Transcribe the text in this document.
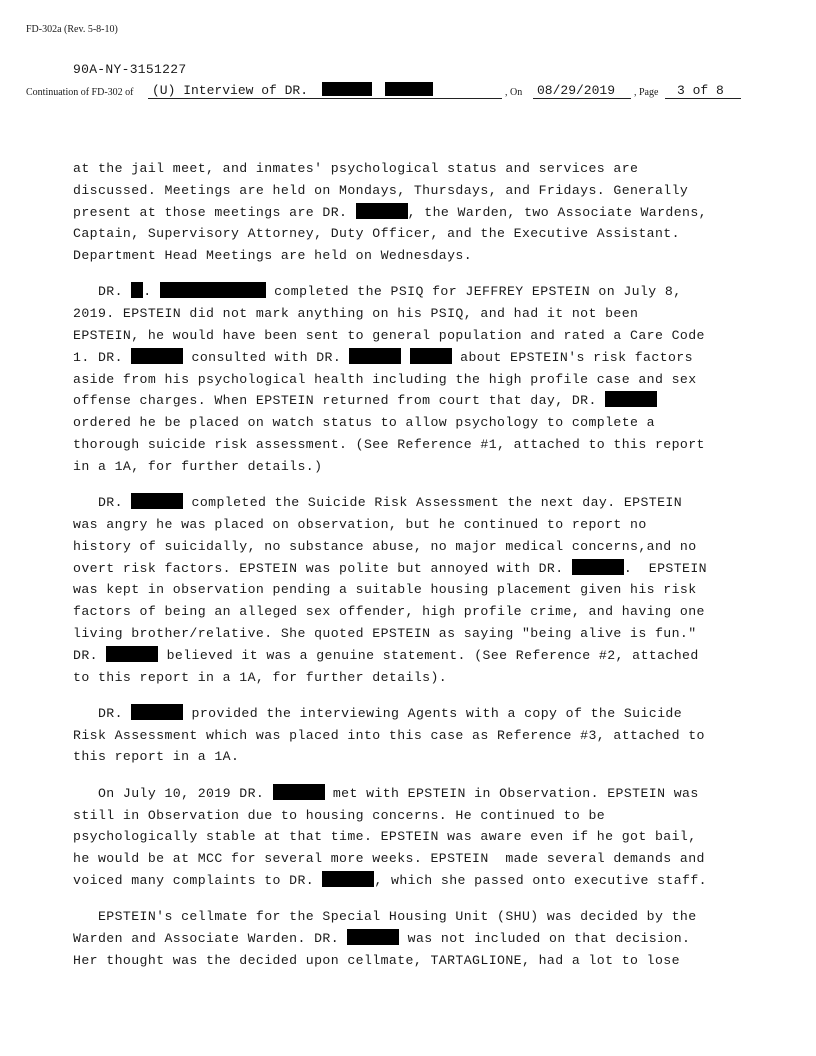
FD-302a (Rev. 5-8-10)
90A-NY-3151227
Continuation of FD-302 of	(U) Interview of DR.	, On	08/29/2019	, Page	3 of 8
at the jail meet, and inmates' psychological status and services are
discussed. Meetings are held on Mondays, Thursdays, and Fridays. Generally
present at those meetings are DR.	, the Warden, two Associate Wardens,
Captain, Supervisory Attorney, Duty Officer, and the Executive Assistant.
Department Head Meetings are held on Wednesdays.
DR. .	completed the PSIQ for JEFFREY EPSTEIN on July 8,
2019. EPSTEIN did not mark anything on his PSIQ, and had it not been
EPSTEIN, he would have been sent to general population and rated a Care Code
1. DR.	consulted with DR.	about EPSTEIN's risk factors
aside from his psychological health including the high profile case and sex
offense charges. When EPSTEIN returned from court that day, DR.
ordered he be placed on watch status to allow psychology to complete a
thorough suicide risk assessment. (See Reference #1, attached to this report
in a 1A, for further details.)
DR.	completed the Suicide Risk Assessment the next day. EPSTEIN
was angry he was placed on observation, but he continued to report no
history of suicidally, no substance abuse, no major medical concerns,and no
overt risk factors. EPSTEIN was polite but annoyed with DR.	.  EPSTEIN
was kept in observation pending a suitable housing placement given his risk
factors of being an alleged sex offender, high profile crime, and having one
living brother/relative. She quoted EPSTEIN as saying "being alive is fun."
DR.	believed it was a genuine statement. (See Reference #2, attached
to this report in a 1A, for further details).
DR.	provided the interviewing Agents with a copy of the Suicide
Risk Assessment which was placed into this case as Reference #3, attached to
this report in a 1A.
On July 10, 2019 DR.	met with EPSTEIN in Observation. EPSTEIN was
still in Observation due to housing concerns. He continued to be
psychologically stable at that time. EPSTEIN was aware even if he got bail,
he would be at MCC for several more weeks. EPSTEIN  made several demands and
voiced many complaints to DR.	, which she passed onto executive staff.
EPSTEIN's cellmate for the Special Housing Unit (SHU) was decided by the
Warden and Associate Warden. DR.	was not included on that decision.
Her thought was the decided upon cellmate, TARTAGLIONE, had a lot to lose
